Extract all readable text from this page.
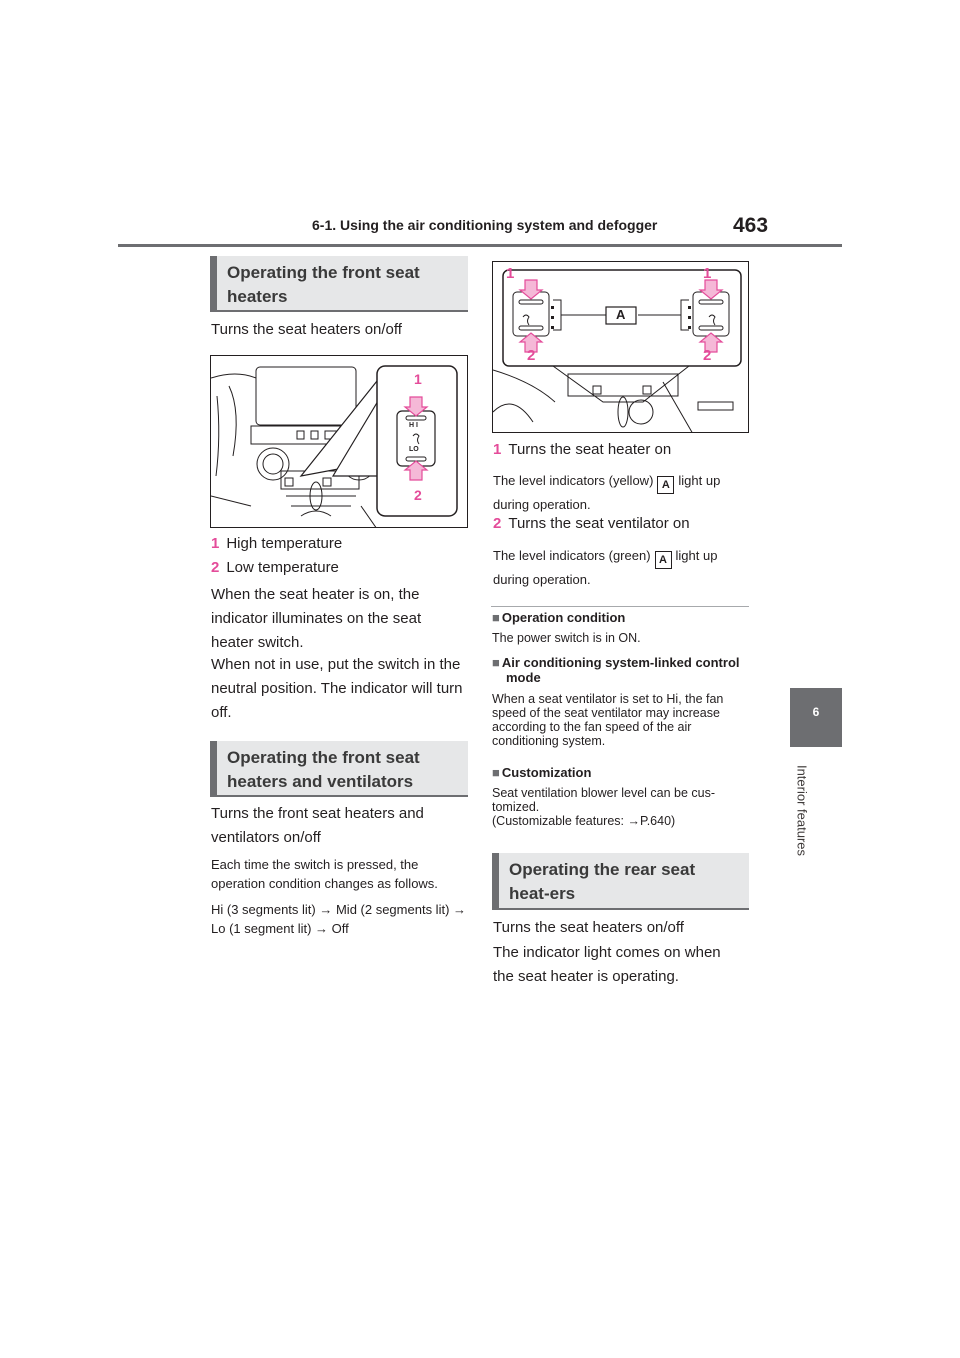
6-1. Using the air conditioning system and defogger	463
6
Interior features
Operating the front seat heaters
Turns the seat heaters on/off
1
2
H I
LO
1 High temperature
2 Low temperature
When the seat heater is on, the indicator illuminates on the seat heater switch.
When not in use, put the switch in the neutral position. The indicator will turn off.
Operating the front seat heaters and ventilators
Turns the front seat heaters and ventilators on/off
Each time the switch is pressed, the operation condition changes as follows.
Hi (3 segments lit) → Mid (2 segments lit) → Lo (1 segment lit) → Off
1	1
2	2
A
1 Turns the seat heater on
The level indicators (yellow) A light up during operation.
2 Turns the seat ventilator on
The level indicators (green) A light up during operation.
■ Operation condition
The power switch is in ON.
■ Air conditioning system-linked control mode
When a seat ventilator is set to Hi, the fan speed of the seat ventilator may increase according to the fan speed of the air conditioning system.
■ Customization
Seat ventilation blower level can be cus-tomized.
(Customizable features: →P.640)
Operating the rear seat heat-ers
Turns the seat heaters on/off
The indicator light comes on when the seat heater is operating.
